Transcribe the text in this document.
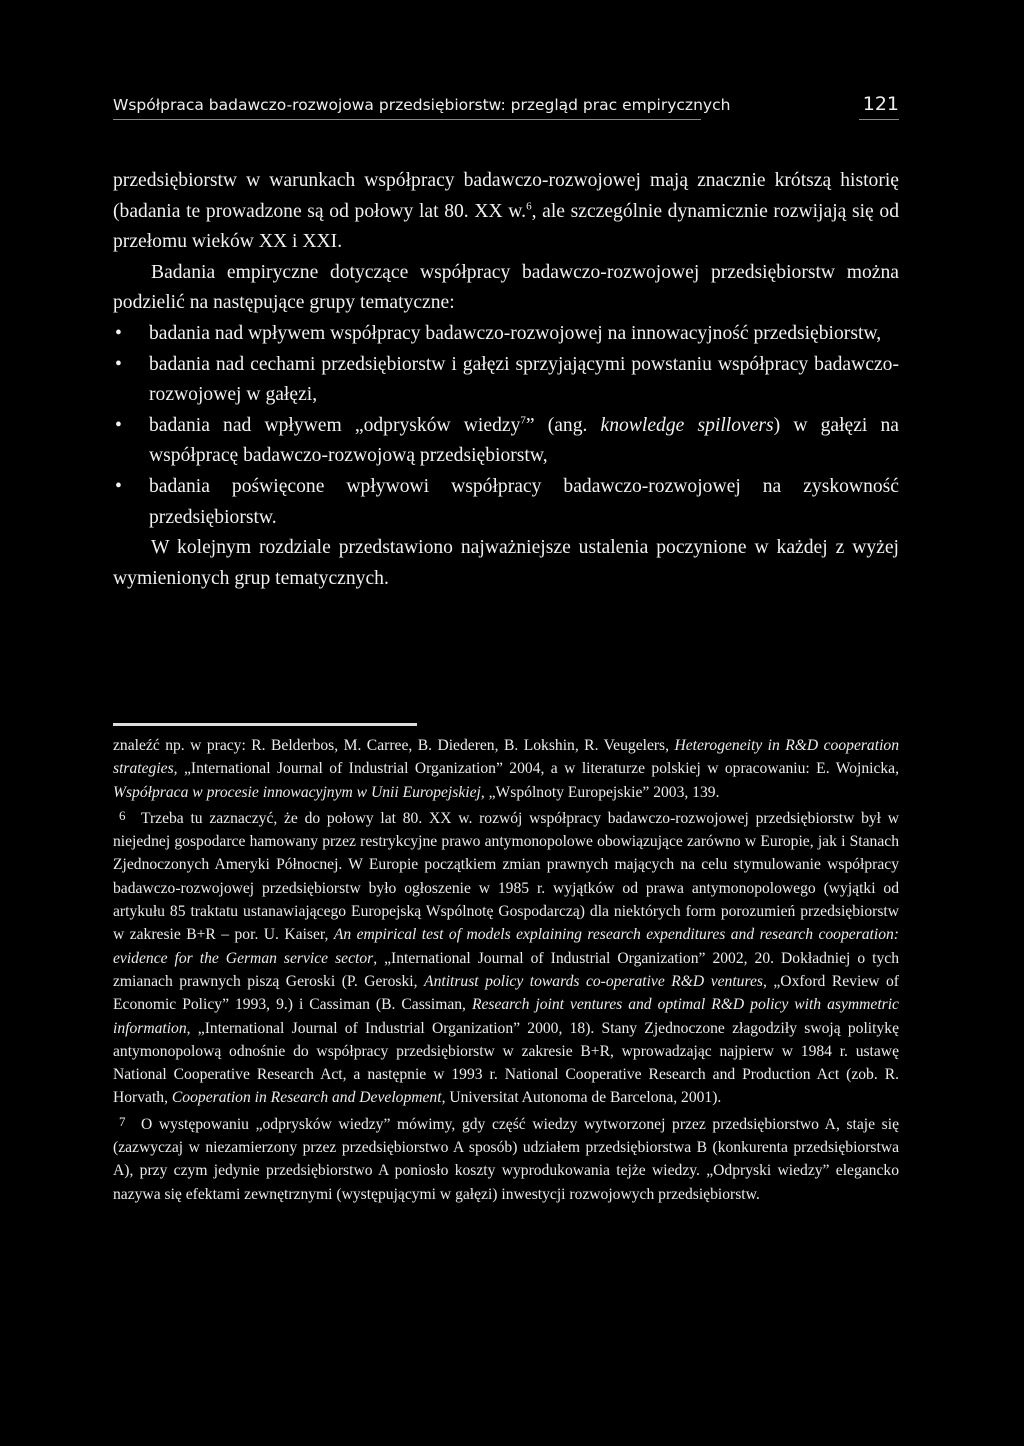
Współpraca badawczo-rozwojowa przedsiębiorstw: przegląd prac empirycznych	121

przedsiębiorstw w warunkach współpracy badawczo-rozwojowej mają znacznie krótszą historię (badania te prowadzone są od połowy lat 80. XX w.$^6$, ale szczególnie dynamicznie rozwijają się od przełomu wieków XX i XXI.

Badania empiryczne dotyczące współpracy badawczo-rozwojowej przedsiębiorstw można podzielić na następujące grupy tematyczne:

• badania nad wpływem współpracy badawczo-rozwojowej na innowacyjność przedsiębiorstw,
• badania nad cechami przedsiębiorstw i gałęzi sprzyjającymi powstaniu współpracy badawczo-rozwojowej w gałęzi,
• badania nad wpływem „odprysków wiedzy$^7$” (ang. knowledge spillovers) w gałęzi na współpracę badawczo-rozwojową przedsiębiorstw,
• badania poświęcone wpływowi współpracy badawczo-rozwojowej na zyskowność przedsiębiorstw.

W kolejnym rozdziale przedstawiono najważniejsze ustalenia poczynione w każdej z wyżej wymienionych grup tematycznych.

znaleźć np. w pracy: R. Belderbos, M. Carree, B. Diederen, B. Lokshin, R. Veugelers, Heterogeneity in R&D cooperation strategies, „International Journal of Industrial Organization” 2004, a w literaturze polskiej w opracowaniu: E. Wojnicka, Współpraca w procesie innowacyjnym w Unii Europejskiej, „Wspólnoty Europejskie” 2003, 139.

6 Trzeba tu zaznaczyć, że do połowy lat 80. XX w. rozwój współpracy badawczo-rozwojowej przedsiębiorstw był w niejednej gospodarce hamowany przez restrykcyjne prawo antymonopolowe obowiązujące zarówno w Europie, jak i Stanach Zjednoczonych Ameryki Północnej. W Europie początkiem zmian prawnych mających na celu stymulowanie współpracy badawczo-rozwojowej przedsiębiorstw było ogłoszenie w 1985 r. wyjątków od prawa antymonopolowego (wyjątki od artykułu 85 traktatu ustanawiającego Europejską Wspólnotę Gospodarczą) dla niektórych form porozumień przedsiębiorstw w zakresie B+R – por. U. Kaiser, An empirical test of models explaining research expenditures and research cooperation: evidence for the German service sector, „International Journal of Industrial Organization” 2002, 20. Dokładniej o tych zmianach prawnych piszą Geroski (P. Geroski, Antitrust policy towards co-operative R&D ventures, „Oxford Review of Economic Policy” 1993, 9.) i Cassiman (B. Cassiman, Research joint ventures and optimal R&D policy with asymmetric information, „International Journal of Industrial Organization” 2000, 18). Stany Zjednoczone złagodziły swoją politykę antymonopolową odnośnie do współpracy przedsiębiorstw w zakresie B+R, wprowadzając najpierw w 1984 r. ustawę National Cooperative Research Act, a następnie w 1993 r. National Cooperative Research and Production Act (zob. R. Horvath, Cooperation in Research and Development, Universitat Autonoma de Barcelona, 2001).

7 O występowaniu „odprysków wiedzy” mówimy, gdy część wiedzy wytworzonej przez przedsiębiorstwo A, staje się (zazwyczaj w niezamierzony przez przedsiębiorstwo A sposób) udziałem przedsiębiorstwa B (konkurenta przedsiębiorstwa A), przy czym jedynie przedsiębiorstwo A poniosło koszty wyprodukowania tejże wiedzy. „Odpryski wiedzy” elegancko nazywa się efektami zewnętrznymi (występującymi w gałęzi) inwestycji rozwojowych przedsiębiorstw.
